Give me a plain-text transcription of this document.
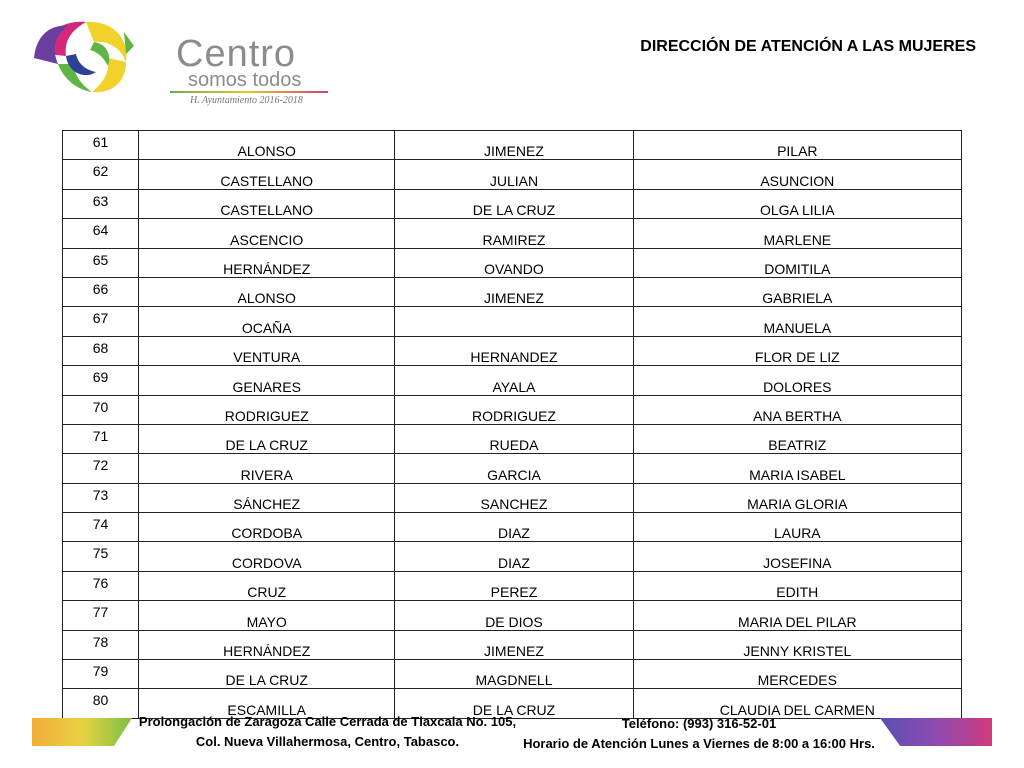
Centro
somos todos
H. Ayuntamiento 2016-2018
DIRECCIÓN DE ATENCIÓN A LAS MUJERES
61	ALONSO	JIMENEZ	PILAR
62	CASTELLANO	JULIAN	ASUNCION
63	CASTELLANO	DE LA CRUZ	OLGA LILIA
64	ASCENCIO	RAMIREZ	MARLENE
65	HERNÁNDEZ	OVANDO	DOMITILA
66	ALONSO	JIMENEZ	GABRIELA
67	OCAÑA		MANUELA
68	VENTURA	HERNANDEZ	FLOR DE LIZ
69	GENARES	AYALA	DOLORES
70	RODRIGUEZ	RODRIGUEZ	ANA BERTHA
71	DE LA CRUZ	RUEDA	BEATRIZ
72	RIVERA	GARCIA	MARIA ISABEL
73	SÁNCHEZ	SANCHEZ	MARIA GLORIA
74	CORDOBA	DIAZ	LAURA
75	CORDOVA	DIAZ	JOSEFINA
76	CRUZ	PEREZ	EDITH
77	MAYO	DE DIOS	MARIA DEL PILAR
78	HERNÁNDEZ	JIMENEZ	JENNY KRISTEL
79	DE LA CRUZ	MAGDNELL	MERCEDES
80	ESCAMILLA	DE LA CRUZ	CLAUDIA DEL CARMEN
Prolongación de Zaragoza Calle Cerrada de Tlaxcala No. 105,
Col. Nueva Villahermosa, Centro, Tabasco.
Teléfono: (993) 316-52-01
Horario de Atención Lunes a Viernes de 8:00 a 16:00 Hrs.
